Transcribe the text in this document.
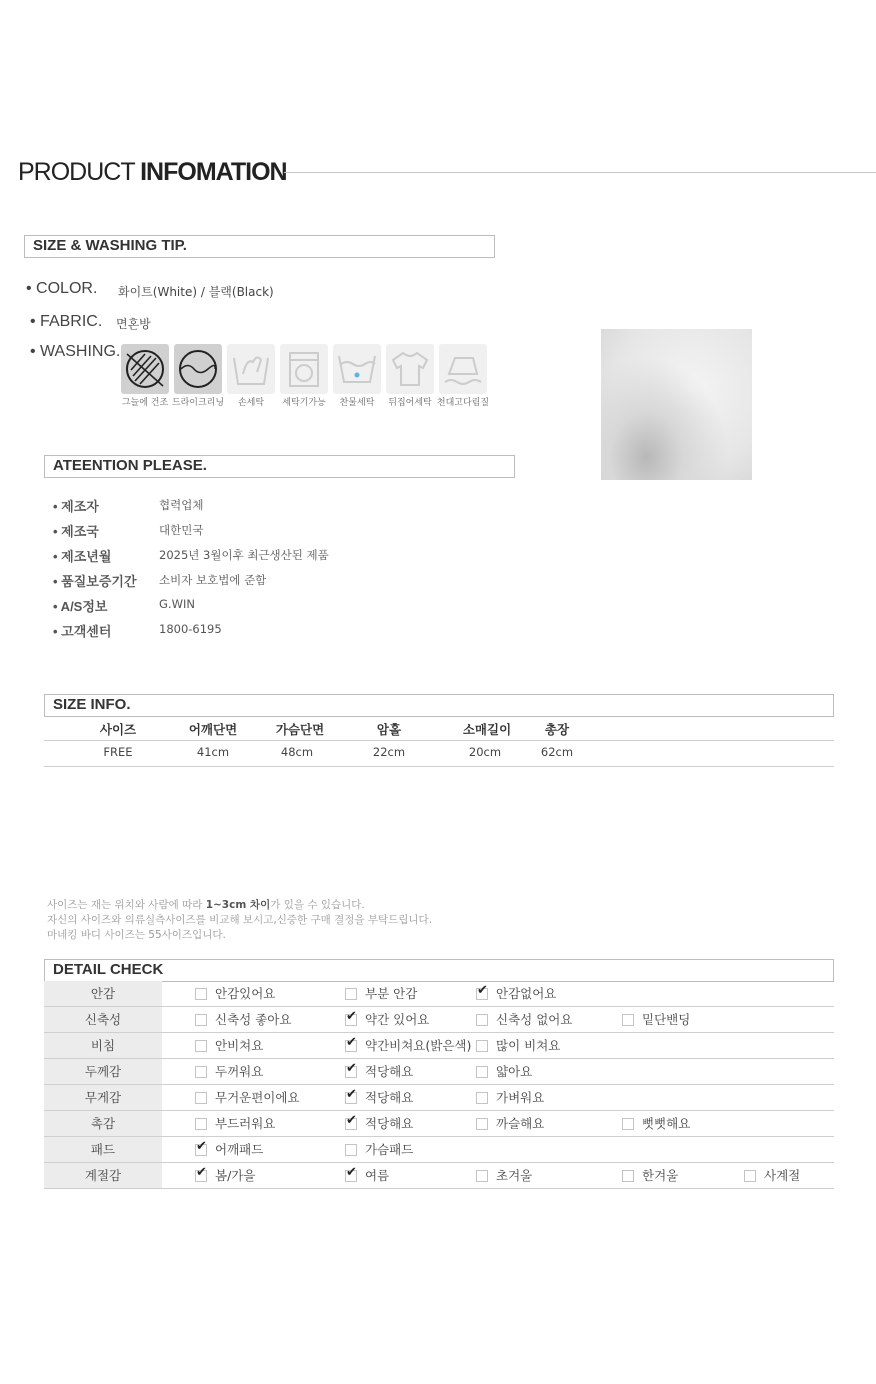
PRODUCT INFOMATION
SIZE & WASHING TIP.
• COLOR. 화이트(White) / 블랙(Black)
• FABRIC. 면혼방
• WASHING.
그늘에 건조 드라이크리닝	손세탁	세탁기가능	찬물세탁	뒤집어세탁 천대고다림질
ATEENTION PLEASE.
• 제조자	협력업체
• 제조국	대한민국
• 제조년월	2025년 3월이후 최근생산된 제품
• 품질보증기간 소비자 보호법에 준함
• A/S정보	G.WIN
• 고객센터	1800-6195
SIZE INFO.
사이즈	어깨단면	가슴단면	암홀	소매길이	총장
FREE	41cm	48cm	22cm	20cm	62cm
사이즈는 재는 위치와 사람에 따라 1~3cm 차이가 있을 수 있습니다.
자신의 사이즈와 의류실측사이즈를 비교해 보시고,신중한 구매 결정을 부탁드립니다.
마네킹 바디 사이즈는 55사이즈입니다.
DETAIL CHECK
안감	안감있어요	부분 안감 ✔	안감없어요
신축성	신축성 좋아요 ✔	약간 있어요	신축성 없어요	밑단밴딩
비침	안비쳐요 ✔	약간비쳐요(밝은색)	많이 비쳐요
두께감	두꺼워요 ✔	적당해요	얇아요
무게감	무거운편이에요 ✔	적당해요	가벼워요
촉감	부드러워요 ✔	적당해요	까슬해요	뻣뻣해요
패드 ✔	어깨패드	가슴패드
계절감 ✔	봄/가을 ✔	여름	초겨울	한겨울	사계절
